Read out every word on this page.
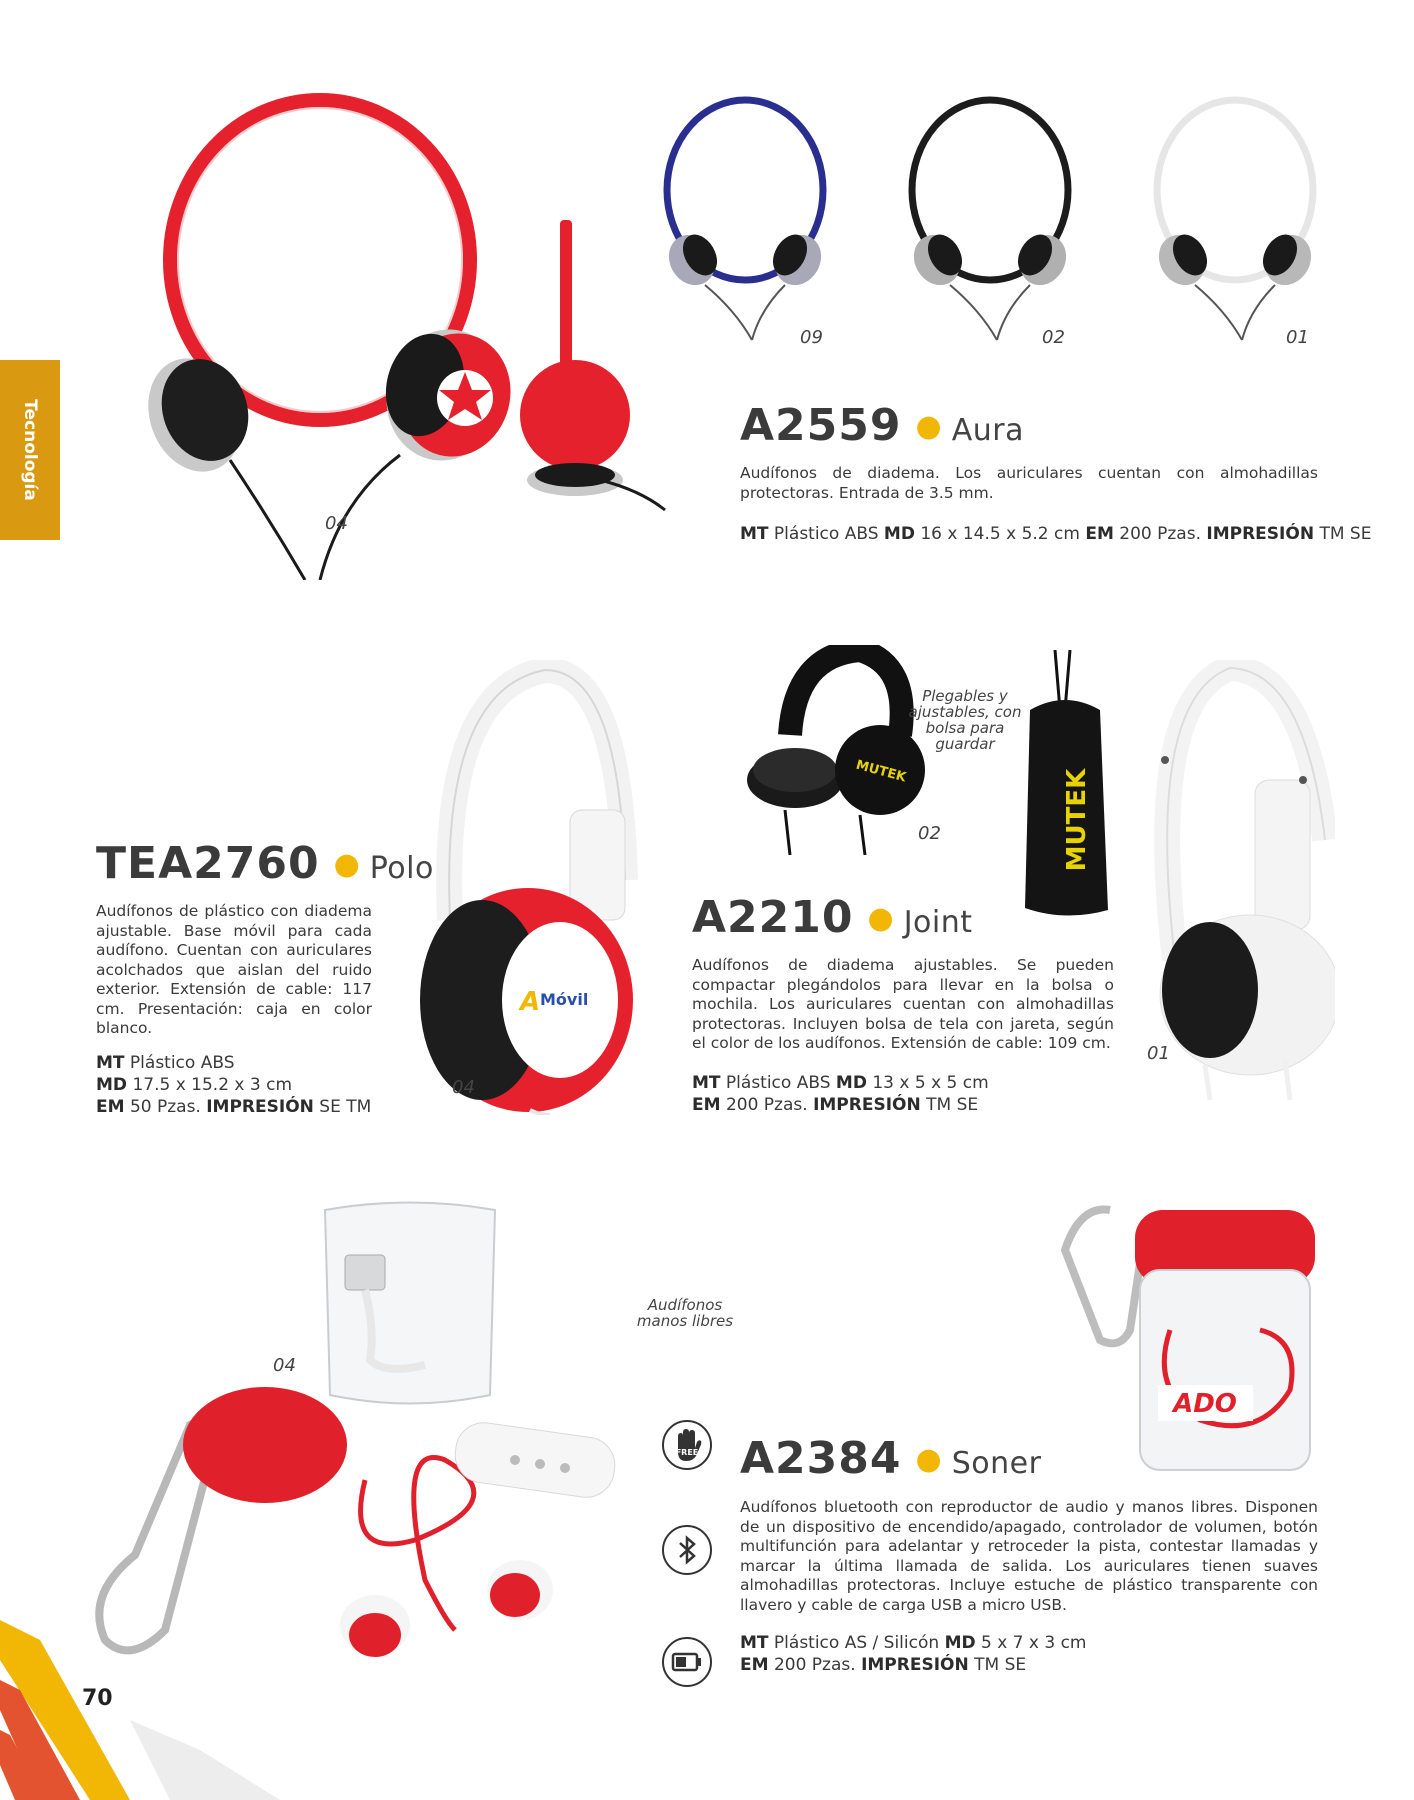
Tecnología
04
09	02	01
A2559 ● Aura
Audífonos de diadema. Los auriculares cuentan con almohadillas protectoras. Entrada de 3.5 mm.
MT Plástico ABS MD 16 x 14.5 x 5.2 cm EM 200 Pzas. IMPRESIÓN TM SE
A Móvil
04
TEA2760 ● Polo
Audífonos de plástico con diadema ajustable. Base móvil para cada audífono. Cuentan con auriculares acolchados que aislan del ruido exterior. Extensión de cable: 117 cm. Presentación: caja en color blanco.
MT Plástico ABS
MD 17.5 x 15.2 x 3 cm
EM 50 Pzas. IMPRESIÓN SE TM
MUTEK
02
Plegables y ajustables, con bolsa para guardar
MUTEK
01
A2210 ● Joint
Audífonos de diadema ajustables. Se pueden compactar plegándolos para llevar en la bolsa o mochila. Los auriculares cuentan con almohadillas protectoras. Incluyen bolsa de tela con jareta, según el color de los audífonos. Extensión de cable: 109 cm.
MT Plástico ABS MD 13 x 5 x 5 cm
EM 200 Pzas. IMPRESIÓN TM SE
04
Audífonos manos libres
ADO
FREE A2384 ● Soner
Audífonos bluetooth con reproductor de audio y manos libres. Disponen de un dispositivo de encendido/apagado, controlador de volumen, botón multifunción para adelantar y retroceder la pista, contestar llamadas y marcar la última llamada de salida. Los auriculares tienen suaves almohadillas protectoras. Incluye estuche de plástico transparente con llavero y cable de carga USB a micro USB.
MT Plástico AS / Silicón MD 5 x 7 x 3 cm
EM 200 Pzas. IMPRESIÓN TM SE
70
